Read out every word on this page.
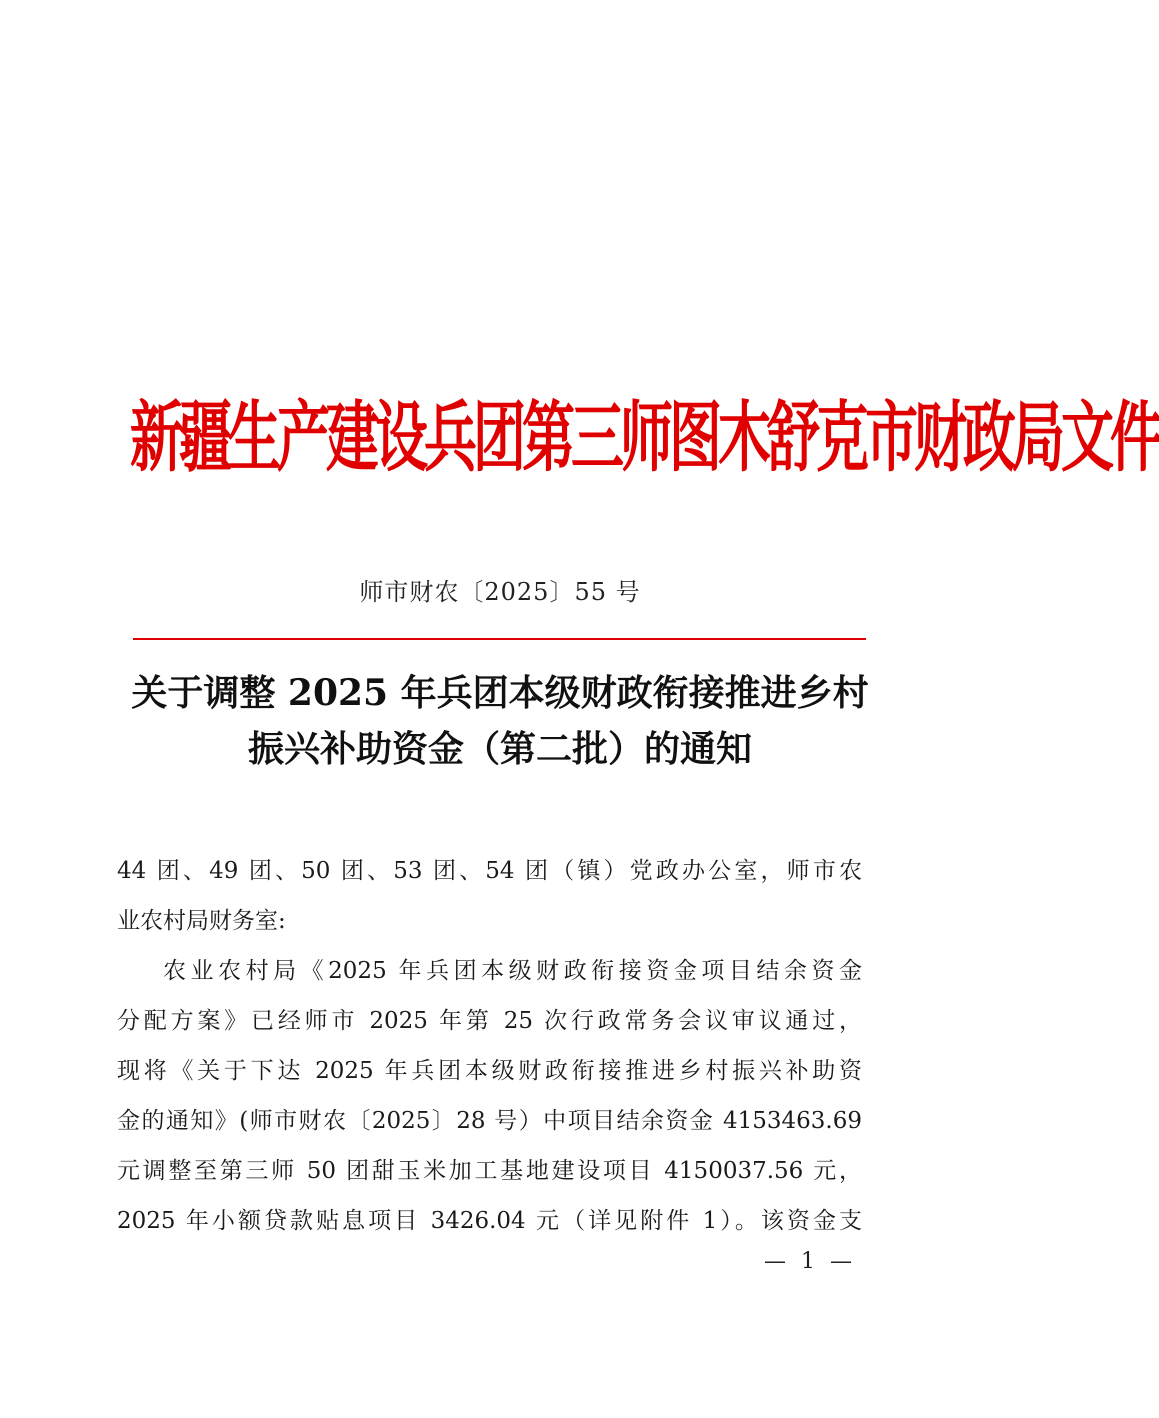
新疆生产建设兵团第三师图木舒克市财政局文件
师市财农〔2025〕55 号
关于调整 2025 年兵团本级财政衔接推进乡村
振兴补助资金（第二批）的通知
44 团、49 团、50 团、53 团、54 团（镇）党政办公室，师市农
业农村局财务室:
农业农村局《2025 年兵团本级财政衔接资金项目结余资金
分配方案》已经师市 2025 年第 25 次行政常务会议审议通过，
现将《关于下达 2025 年兵团本级财政衔接推进乡村振兴补助资
金的通知》(师市财农〔2025〕28 号）中项目结余资金 4153463.69
元调整至第三师 50 团甜玉米加工基地建设项目 4150037.56 元，
2025 年小额贷款贴息项目 3426.04 元（详见附件 1）。该资金支
— 1 —
